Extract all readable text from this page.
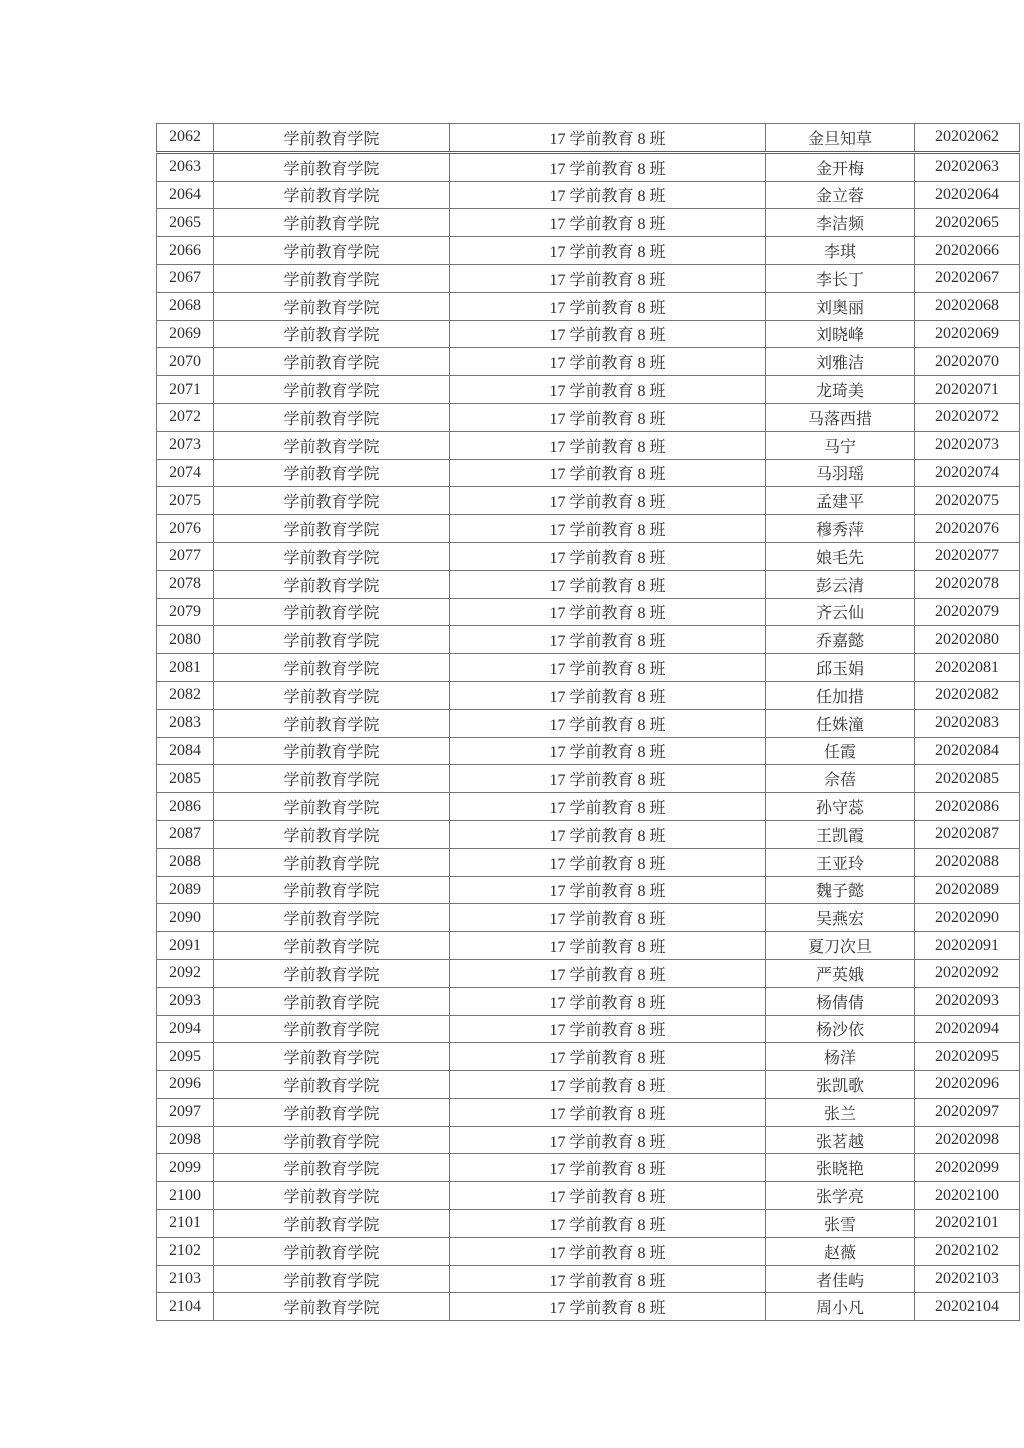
2062	学前教育学院	17 学前教育 8 班	金旦知草	20202062
2063	学前教育学院	17 学前教育 8 班	金开梅	20202063
2064	学前教育学院	17 学前教育 8 班	金立蓉	20202064
2065	学前教育学院	17 学前教育 8 班	李洁频	20202065
2066	学前教育学院	17 学前教育 8 班	李琪	20202066
2067	学前教育学院	17 学前教育 8 班	李长丁	20202067
2068	学前教育学院	17 学前教育 8 班	刘奥丽	20202068
2069	学前教育学院	17 学前教育 8 班	刘晓峰	20202069
2070	学前教育学院	17 学前教育 8 班	刘雅洁	20202070
2071	学前教育学院	17 学前教育 8 班	龙琦美	20202071
2072	学前教育学院	17 学前教育 8 班	马落西措	20202072
2073	学前教育学院	17 学前教育 8 班	马宁	20202073
2074	学前教育学院	17 学前教育 8 班	马羽瑶	20202074
2075	学前教育学院	17 学前教育 8 班	孟建平	20202075
2076	学前教育学院	17 学前教育 8 班	穆秀萍	20202076
2077	学前教育学院	17 学前教育 8 班	娘毛先	20202077
2078	学前教育学院	17 学前教育 8 班	彭云清	20202078
2079	学前教育学院	17 学前教育 8 班	齐云仙	20202079
2080	学前教育学院	17 学前教育 8 班	乔嘉懿	20202080
2081	学前教育学院	17 学前教育 8 班	邱玉娟	20202081
2082	学前教育学院	17 学前教育 8 班	任加措	20202082
2083	学前教育学院	17 学前教育 8 班	任姝潼	20202083
2084	学前教育学院	17 学前教育 8 班	任霞	20202084
2085	学前教育学院	17 学前教育 8 班	佘蓓	20202085
2086	学前教育学院	17 学前教育 8 班	孙守蕊	20202086
2087	学前教育学院	17 学前教育 8 班	王凯霞	20202087
2088	学前教育学院	17 学前教育 8 班	王亚玲	20202088
2089	学前教育学院	17 学前教育 8 班	魏子懿	20202089
2090	学前教育学院	17 学前教育 8 班	吴燕宏	20202090
2091	学前教育学院	17 学前教育 8 班	夏刀次旦	20202091
2092	学前教育学院	17 学前教育 8 班	严英娥	20202092
2093	学前教育学院	17 学前教育 8 班	杨倩倩	20202093
2094	学前教育学院	17 学前教育 8 班	杨沙依	20202094
2095	学前教育学院	17 学前教育 8 班	杨洋	20202095
2096	学前教育学院	17 学前教育 8 班	张凯歌	20202096
2097	学前教育学院	17 学前教育 8 班	张兰	20202097
2098	学前教育学院	17 学前教育 8 班	张茗越	20202098
2099	学前教育学院	17 学前教育 8 班	张晓艳	20202099
2100	学前教育学院	17 学前教育 8 班	张学亮	20202100
2101	学前教育学院	17 学前教育 8 班	张雪	20202101
2102	学前教育学院	17 学前教育 8 班	赵薇	20202102
2103	学前教育学院	17 学前教育 8 班	者佳屿	20202103
2104	学前教育学院	17 学前教育 8 班	周小凡	20202104
